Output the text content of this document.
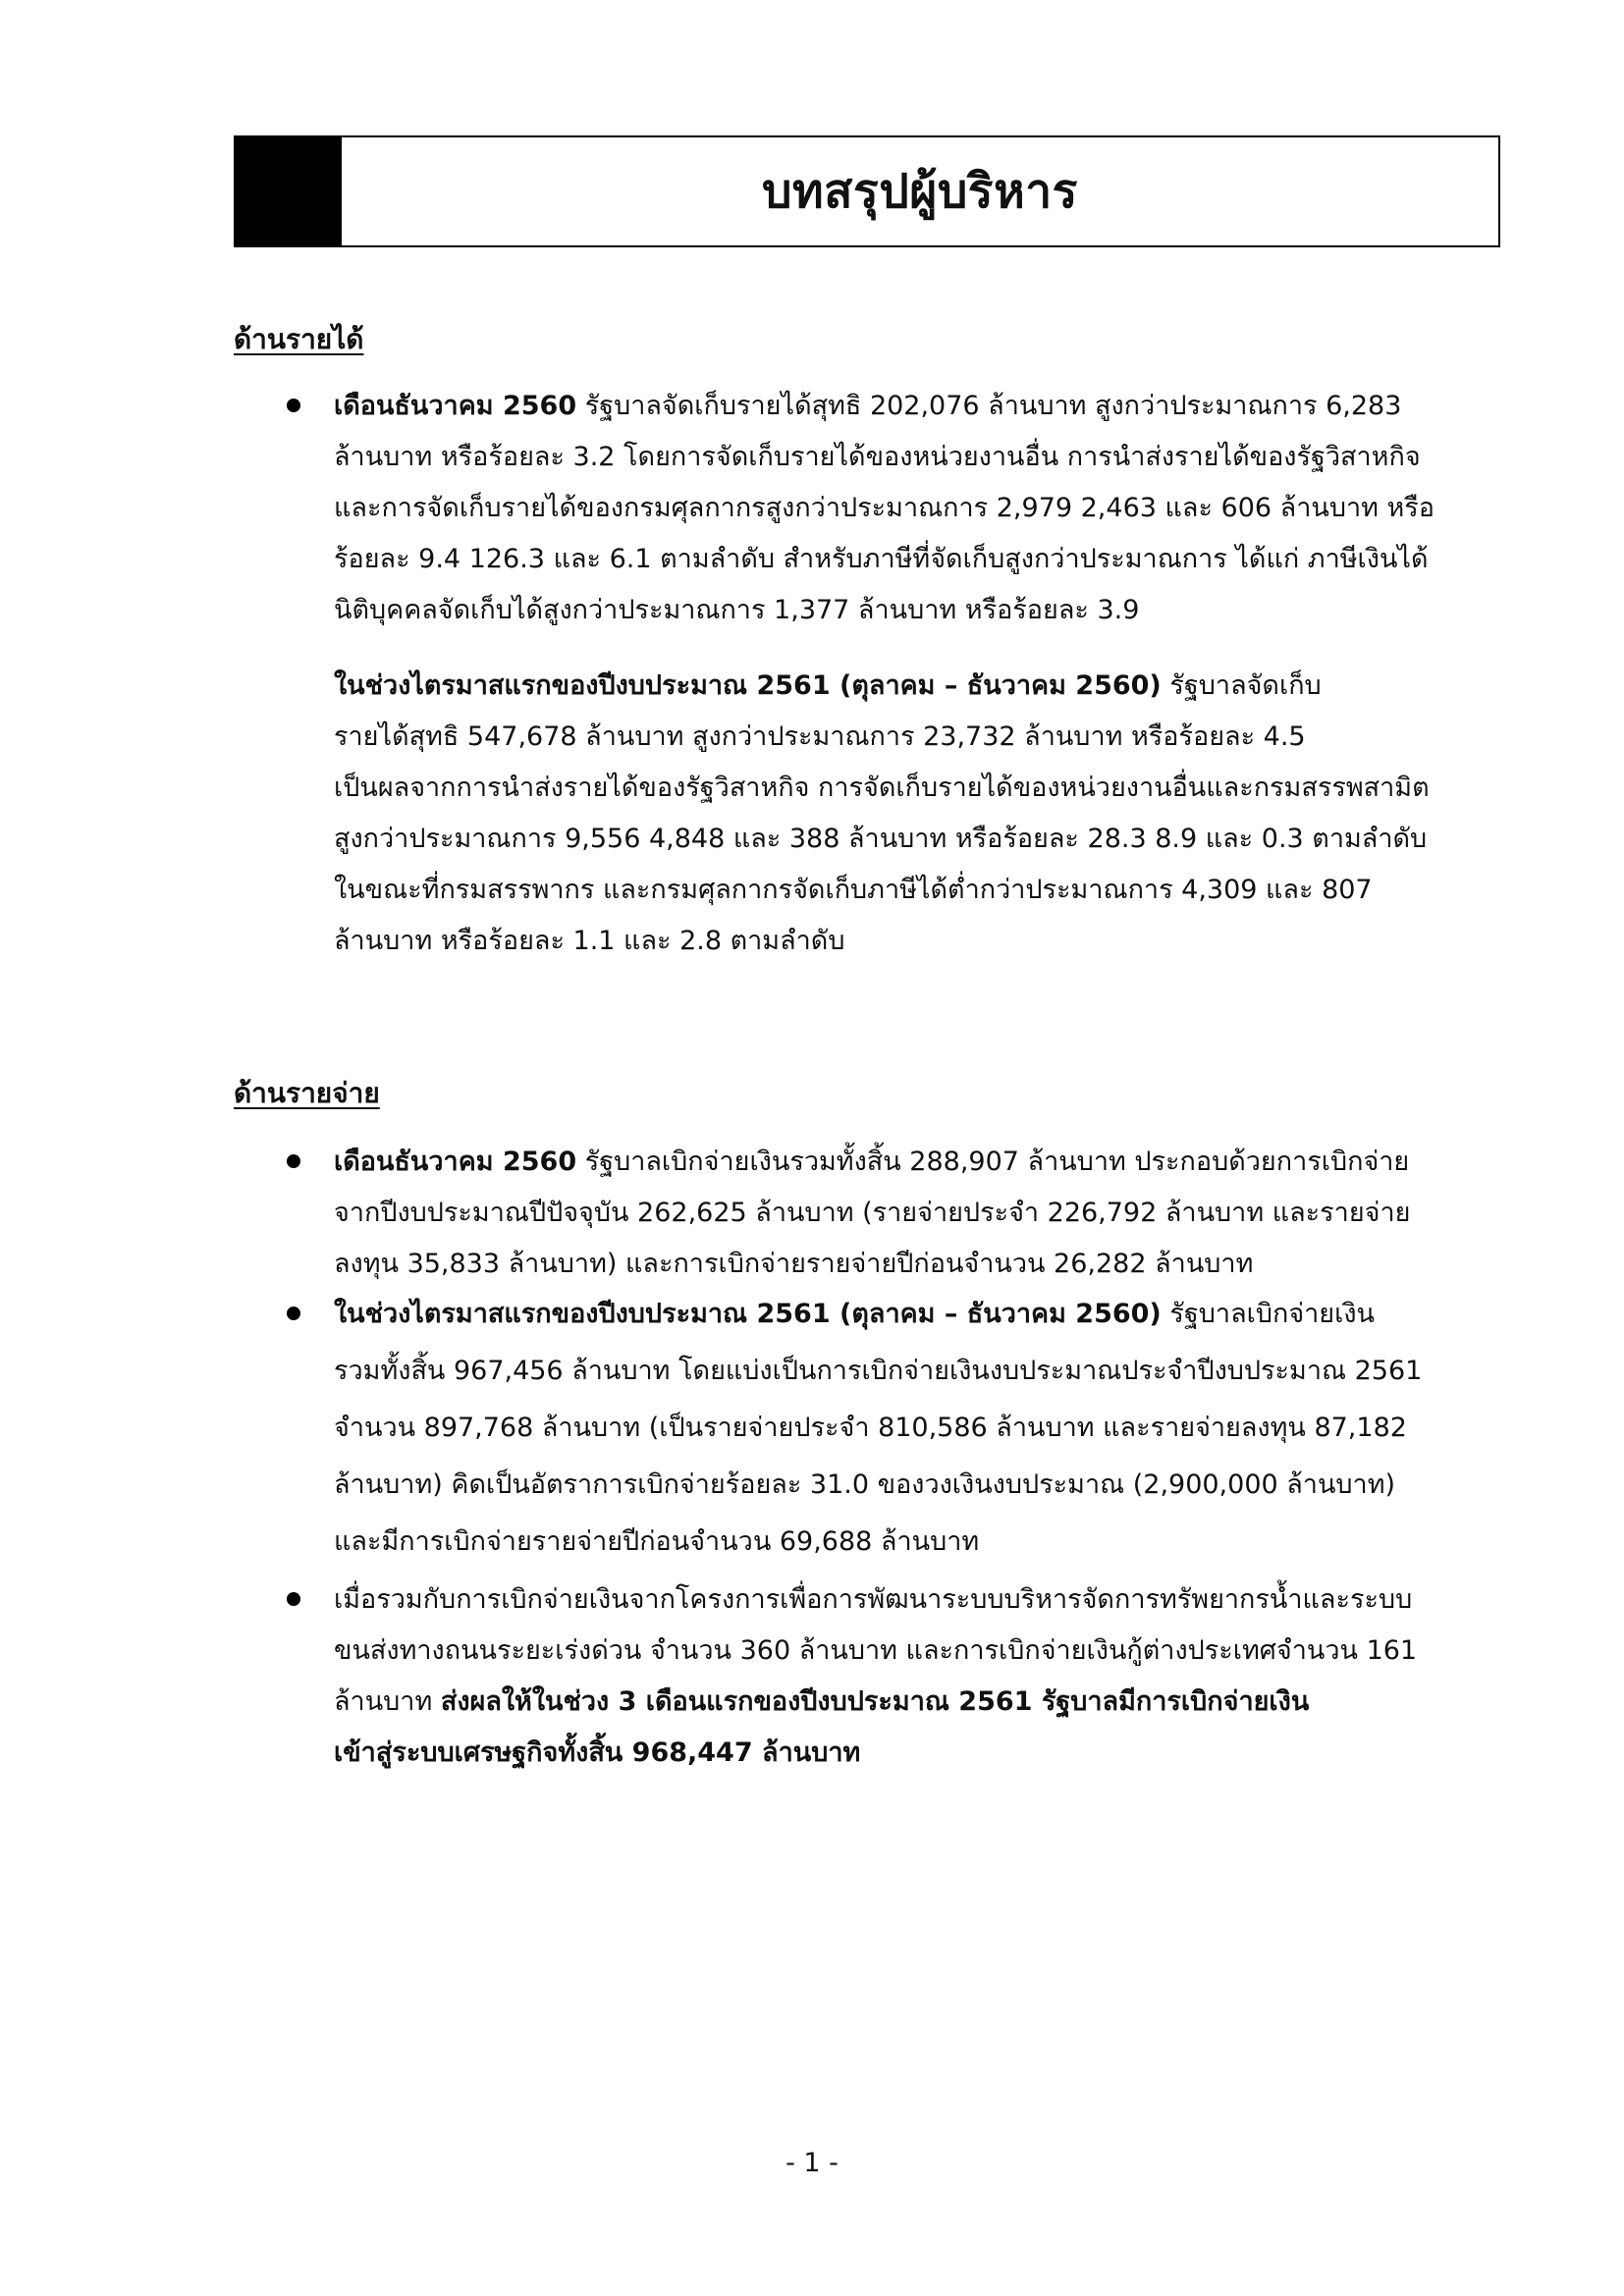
บทสรุปผู้บริหาร
ด้านรายได้
เดือนธันวาคม 2560 รัฐบาลจัดเก็บรายได้สุทธิ 202,076 ล้านบาท สูงกว่าประมาณการ 6,283
ล้านบาท หรือร้อยละ 3.2 โดยการจัดเก็บรายได้ของหน่วยงานอื่น การนำส่งรายได้ของรัฐวิสาหกิจ
และการจัดเก็บรายได้ของกรมศุลกากรสูงกว่าประมาณการ 2,979 2,463 และ 606 ล้านบาท หรือ
ร้อยละ 9.4 126.3 และ 6.1 ตามลำดับ สำหรับภาษีที่จัดเก็บสูงกว่าประมาณการ ได้แก่ ภาษีเงินได้
นิติบุคคลจัดเก็บได้สูงกว่าประมาณการ 1,377 ล้านบาท หรือร้อยละ 3.9
ในช่วงไตรมาสแรกของปีงบประมาณ 2561 (ตุลาคม – ธันวาคม 2560) รัฐบาลจัดเก็บ
รายได้สุทธิ 547,678 ล้านบาท สูงกว่าประมาณการ 23,732 ล้านบาท หรือร้อยละ 4.5
เป็นผลจากการนำส่งรายได้ของรัฐวิสาหกิจ การจัดเก็บรายได้ของหน่วยงานอื่นและกรมสรรพสามิต
สูงกว่าประมาณการ 9,556 4,848 และ 388 ล้านบาท หรือร้อยละ 28.3 8.9 และ 0.3 ตามลำดับ
ในขณะที่กรมสรรพากร และกรมศุลกากรจัดเก็บภาษีได้ต่ำกว่าประมาณการ 4,309 และ 807
ล้านบาท หรือร้อยละ 1.1 และ 2.8 ตามลำดับ
ด้านรายจ่าย
เดือนธันวาคม 2560 รัฐบาลเบิกจ่ายเงินรวมทั้งสิ้น 288,907 ล้านบาท ประกอบด้วยการเบิกจ่าย
จากปีงบประมาณปีปัจจุบัน 262,625 ล้านบาท (รายจ่ายประจำ 226,792 ล้านบาท และรายจ่าย
ลงทุน 35,833 ล้านบาท) และการเบิกจ่ายรายจ่ายปีก่อนจำนวน 26,282 ล้านบาท
ในช่วงไตรมาสแรกของปีงบประมาณ 2561 (ตุลาคม – ธันวาคม 2560) รัฐบาลเบิกจ่ายเงิน
รวมทั้งสิ้น 967,456 ล้านบาท โดยแบ่งเป็นการเบิกจ่ายเงินงบประมาณประจำปีงบประมาณ 2561
จำนวน 897,768 ล้านบาท (เป็นรายจ่ายประจำ 810,586 ล้านบาท และรายจ่ายลงทุน 87,182
ล้านบาท) คิดเป็นอัตราการเบิกจ่ายร้อยละ 31.0 ของวงเงินงบประมาณ (2,900,000 ล้านบาท)
และมีการเบิกจ่ายรายจ่ายปีก่อนจำนวน 69,688 ล้านบาท
เมื่อรวมกับการเบิกจ่ายเงินจากโครงการเพื่อการพัฒนาระบบบริหารจัดการทรัพยากรน้ำและระบบ
ขนส่งทางถนนระยะเร่งด่วน จำนวน 360 ล้านบาท และการเบิกจ่ายเงินกู้ต่างประเทศจำนวน 161
ล้านบาท ส่งผลให้ในช่วง 3 เดือนแรกของปีงบประมาณ 2561 รัฐบาลมีการเบิกจ่ายเงิน
เข้าสู่ระบบเศรษฐกิจทั้งสิ้น 968,447 ล้านบาท
- 1 -
